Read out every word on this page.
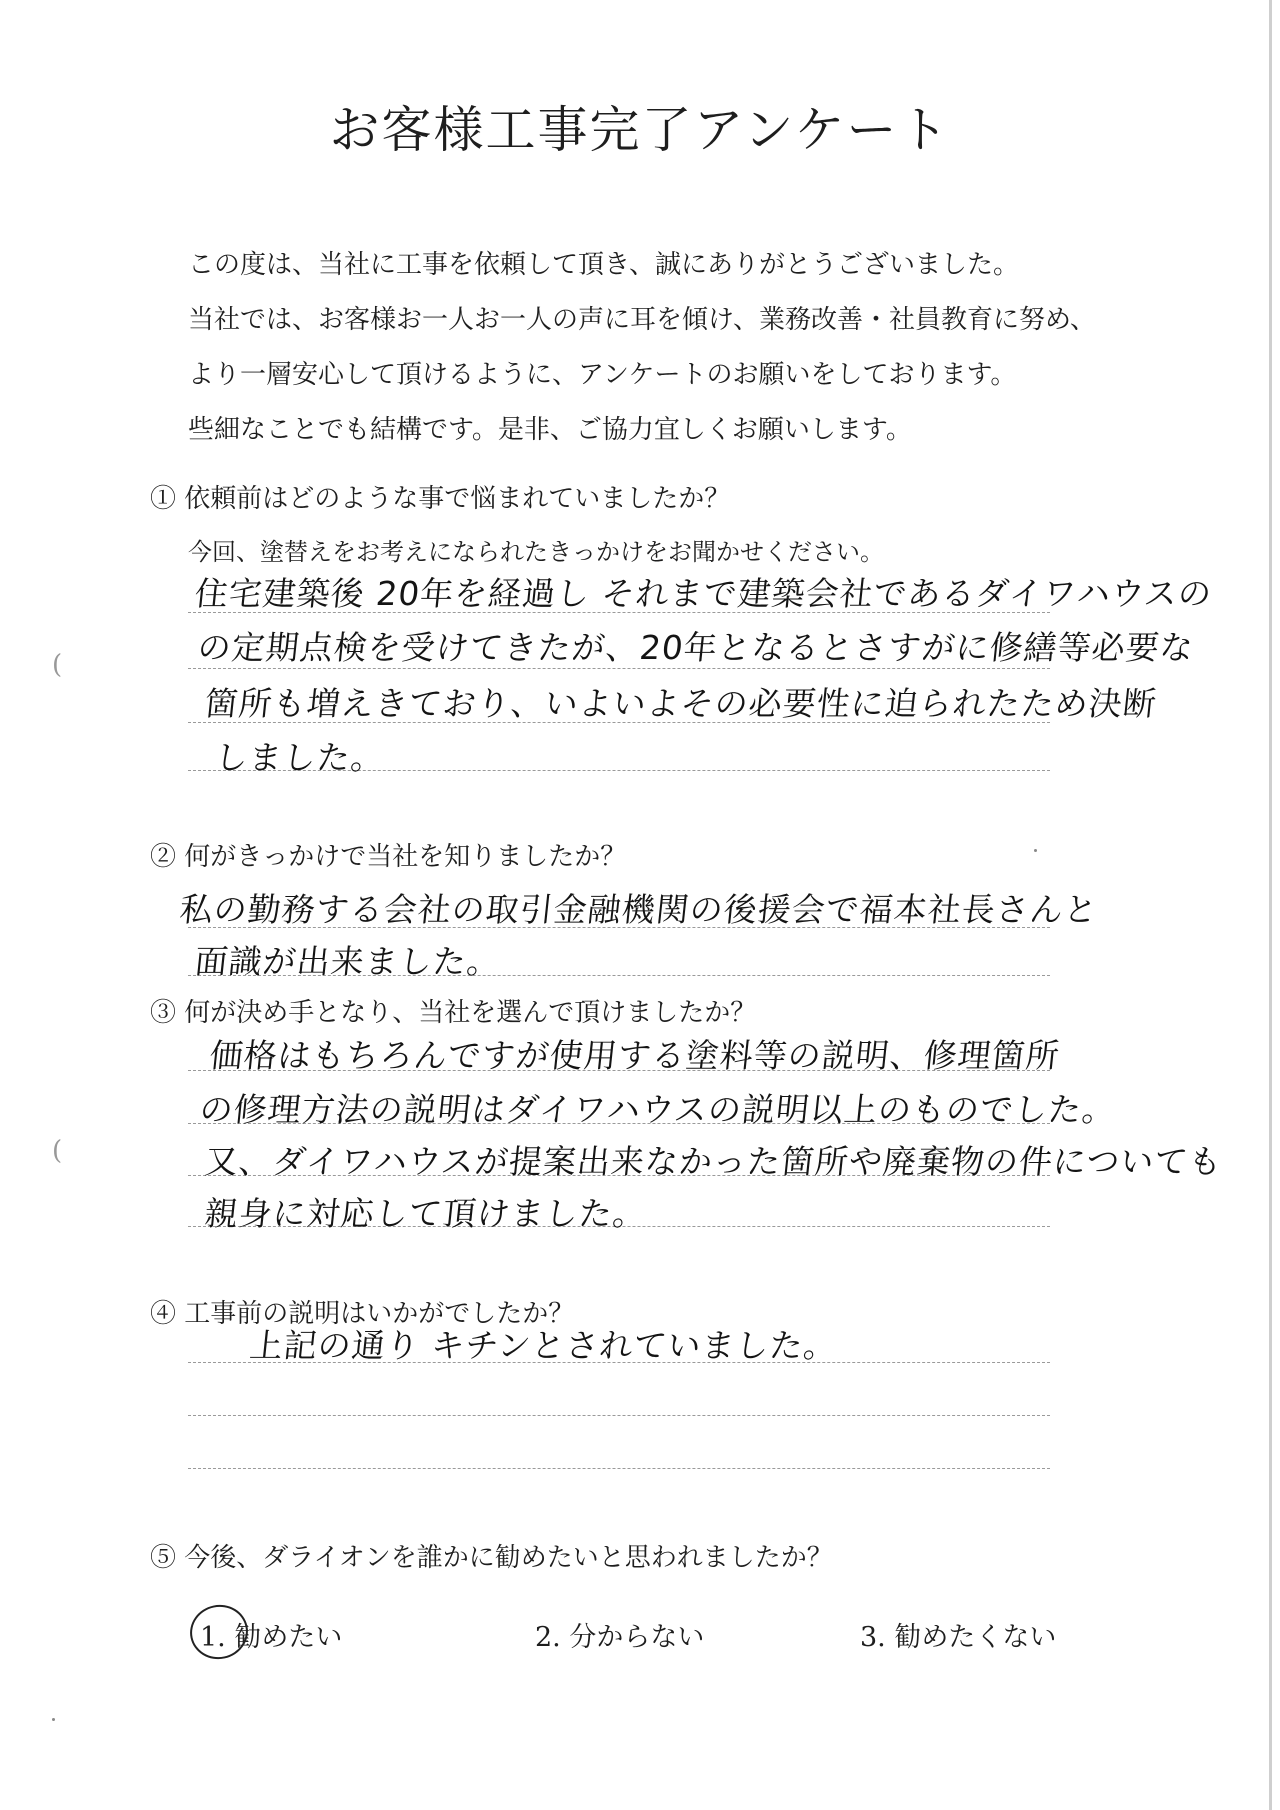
お客様工事完了アンケート

この度は、当社に工事を依頼して頂き、誠にありがとうございました。

当社では、お客様お一人お一人の声に耳を傾け、業務改善・社員教育に努め、

より一層安心して頂けるように、アンケートのお願いをしております。

些細なことでも結構です。是非、ご協力宜しくお願いします。

① 依頼前はどのような事で悩まれていましたか？
今回、塗替えをお考えになられたきっかけをお聞かせください。
住宅建築後 20年を経過し それまで建築会社であるダイワハウスの
の定期点検を受けてきたが、20年となるとさすがに修繕等必要な
箇所も増えきており、いよいよその必要性に迫られたため決断
しました。
② 何がきっかけで当社を知りましたか？
私の勤務する会社の取引金融機関の後援会で福本社長さんと
面識が出来ました。
③ 何が決め手となり、当社を選んで頂けましたか？
価格はもちろんですが使用する塗料等の説明、修理箇所
の修理方法の説明はダイワハウスの説明以上のものでした。
又、ダイワハウスが提案出来なかった箇所や廃棄物の件についても
親身に対応して頂けました。
④ 工事前の説明はいかがでしたか？
上記の通り キチンとされていました。
⑤ 今後、ダライオンを誰かに勧めたいと思われましたか？
1. 勧めたい	2. 分からない	3. 勧めたくない
(
(
